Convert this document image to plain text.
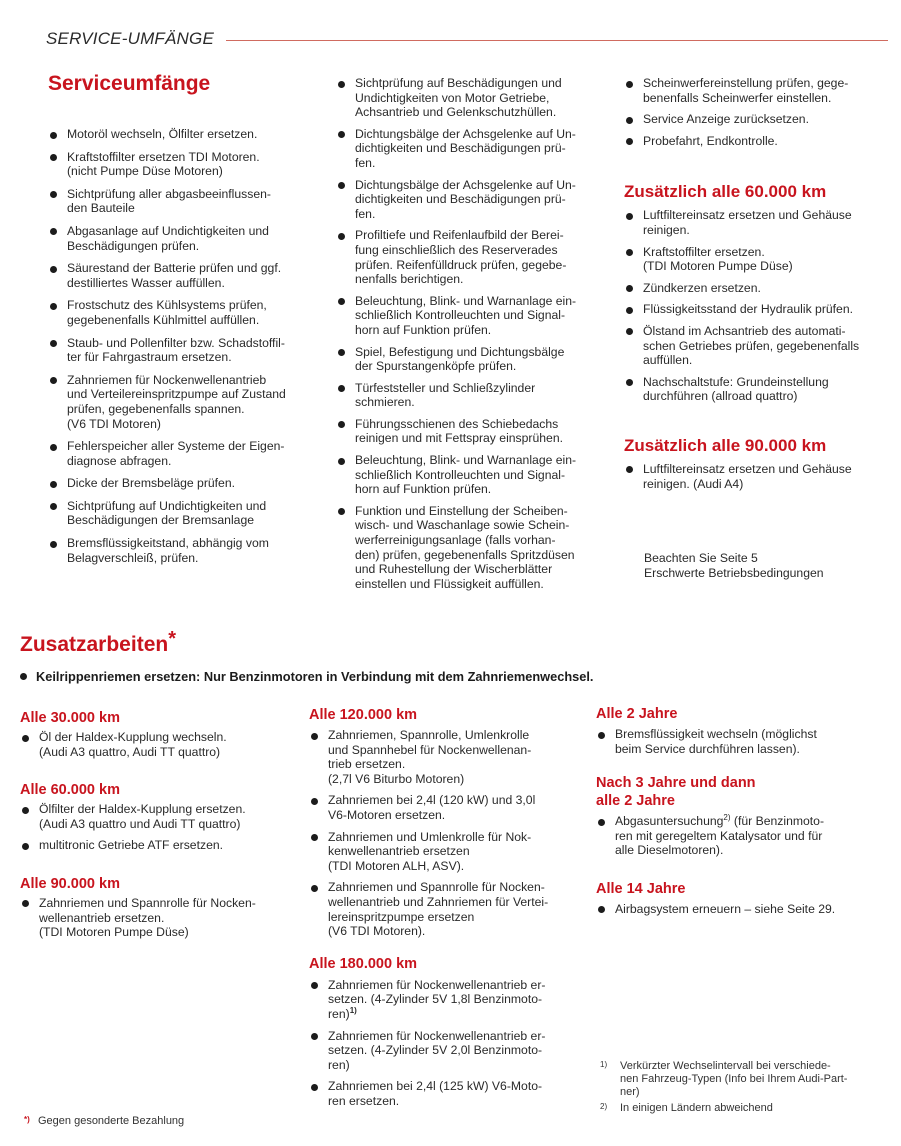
SERVICE-UMFÄNGE
Serviceumfänge
Motoröl wechseln, Ölfilter ersetzen.
Kraftstoffilter ersetzen TDI Motoren.
(nicht Pumpe Düse Motoren)
Sichtprüfung aller abgasbeeinflussen-
den Bauteile
Abgasanlage auf Undichtigkeiten und
Beschädigungen prüfen.
Säurestand der Batterie prüfen und ggf.
destilliertes Wasser auffüllen.
Frostschutz des Kühlsystems prüfen,
gegebenenfalls Kühlmittel auffüllen.
Staub- und Pollenfilter bzw. Schadstoffil-
ter für Fahrgastraum ersetzen.
Zahnriemen für Nockenwellenantrieb
und Verteilereinspritzpumpe auf Zustand
prüfen, gegebenenfalls spannen.
(V6 TDI Motoren)
Fehlerspeicher aller Systeme der Eigen-
diagnose abfragen.
Dicke der Bremsbeläge prüfen.
Sichtprüfung auf Undichtigkeiten und
Beschädigungen der Bremsanlage
Bremsflüssigkeitstand, abhängig vom
Belagverschleiß, prüfen.
Sichtprüfung auf Beschädigungen und
Undichtigkeiten von Motor Getriebe,
Achsantrieb und Gelenkschutzhüllen.
Dichtungsbälge der Achsgelenke auf Un-
dichtigkeiten und Beschädigungen prü-
fen.
Dichtungsbälge der Achsgelenke auf Un-
dichtigkeiten und Beschädigungen prü-
fen.
Profiltiefe und Reifenlaufbild der Berei-
fung einschließlich des Reserverades
prüfen. Reifenfülldruck prüfen, gegebe-
nenfalls berichtigen.
Beleuchtung, Blink- und Warnanlage ein-
schließlich Kontrolleuchten und Signal-
horn auf Funktion prüfen.
Spiel, Befestigung und Dichtungsbälge
der Spurstangenköpfe prüfen.
Türfeststeller und Schließzylinder
schmieren.
Führungsschienen des Schiebedachs
reinigen und mit Fettspray einsprühen.
Beleuchtung, Blink- und Warnanlage ein-
schließlich Kontrolleuchten und Signal-
horn auf Funktion prüfen.
Funktion und Einstellung der Scheiben-
wisch- und Waschanlage sowie Schein-
werferreinigungsanlage (falls vorhan-
den) prüfen, gegebenenfalls Spritzdüsen
und Ruhestellung der Wischerblätter
einstellen und Flüssigkeit auffüllen.
Scheinwerfereinstellung prüfen, gege-
benenfalls Scheinwerfer einstellen.
Service Anzeige zurücksetzen.
Probefahrt, Endkontrolle.
Zusätzlich alle 60.000 km
Luftfiltereinsatz ersetzen und Gehäuse
reinigen.
Kraftstoffilter ersetzen.
(TDI Motoren Pumpe Düse)
Zündkerzen ersetzen.
Flüssigkeitsstand der Hydraulik prüfen.
Ölstand im Achsantrieb des automati-
schen Getriebes prüfen, gegebenenfalls
auffüllen.
Nachschaltstufe: Grundeinstellung
durchführen (allroad quattro)
Zusätzlich alle 90.000 km
Luftfiltereinsatz ersetzen und Gehäuse
reinigen. (Audi A4)
Beachten Sie Seite 5
Erschwerte Betriebsbedingungen
Zusatzarbeiten*
Keilrippenriemen ersetzen: Nur Benzinmotoren in Verbindung mit dem Zahnriemenwechsel.
Alle 30.000 km
Öl der Haldex-Kupplung wechseln.
(Audi A3 quattro, Audi TT quattro)
Alle 60.000 km
Ölfilter der Haldex-Kupplung ersetzen.
(Audi A3 quattro und Audi TT quattro)
multitronic Getriebe ATF ersetzen.
Alle 90.000 km
Zahnriemen und Spannrolle für Nocken-
wellenantrieb ersetzen.
(TDI Motoren Pumpe Düse)
Alle 120.000 km
Zahnriemen, Spannrolle, Umlenkrolle
und Spannhebel für Nockenwellenan-
trieb ersetzen.
(2,7l V6 Biturbo Motoren)
Zahnriemen bei 2,4l (120 kW) und 3,0l
V6-Motoren ersetzen.
Zahnriemen und Umlenkrolle für Nok-
kenwellenantrieb ersetzen
(TDI Motoren ALH, ASV).
Zahnriemen und Spannrolle für Nocken-
wellenantrieb und Zahnriemen für Vertei-
lereinspritzpumpe ersetzen
(V6 TDI Motoren).
Alle 180.000 km
Zahnriemen für Nockenwellenantrieb er-
setzen. (4-Zylinder 5V 1,8l Benzinmoto-
ren)$^{1)}$
Zahnriemen für Nockenwellenantrieb er-
setzen. (4-Zylinder 5V 2,0l Benzinmoto-
ren)
Zahnriemen bei 2,4l (125 kW) V6-Moto-
ren ersetzen.
Alle 2 Jahre
Bremsflüssigkeit wechseln (möglichst
beim Service durchführen lassen).
Nach 3 Jahre und dann
alle 2 Jahre
Abgasuntersuchung$^{2)}$ (für Benzinmoto-
ren mit geregeltem Katalysator und für
alle Dieselmotoren).
Alle 14 Jahre
Airbagsystem erneuern – siehe Seite 29.
1)	Verkürzter Wechselintervall bei verschiede-
nen Fahrzeug-Typen (Info bei Ihrem Audi-Part-
ner)
2)	In einigen Ländern abweichend
*) Gegen gesonderte Bezahlung
